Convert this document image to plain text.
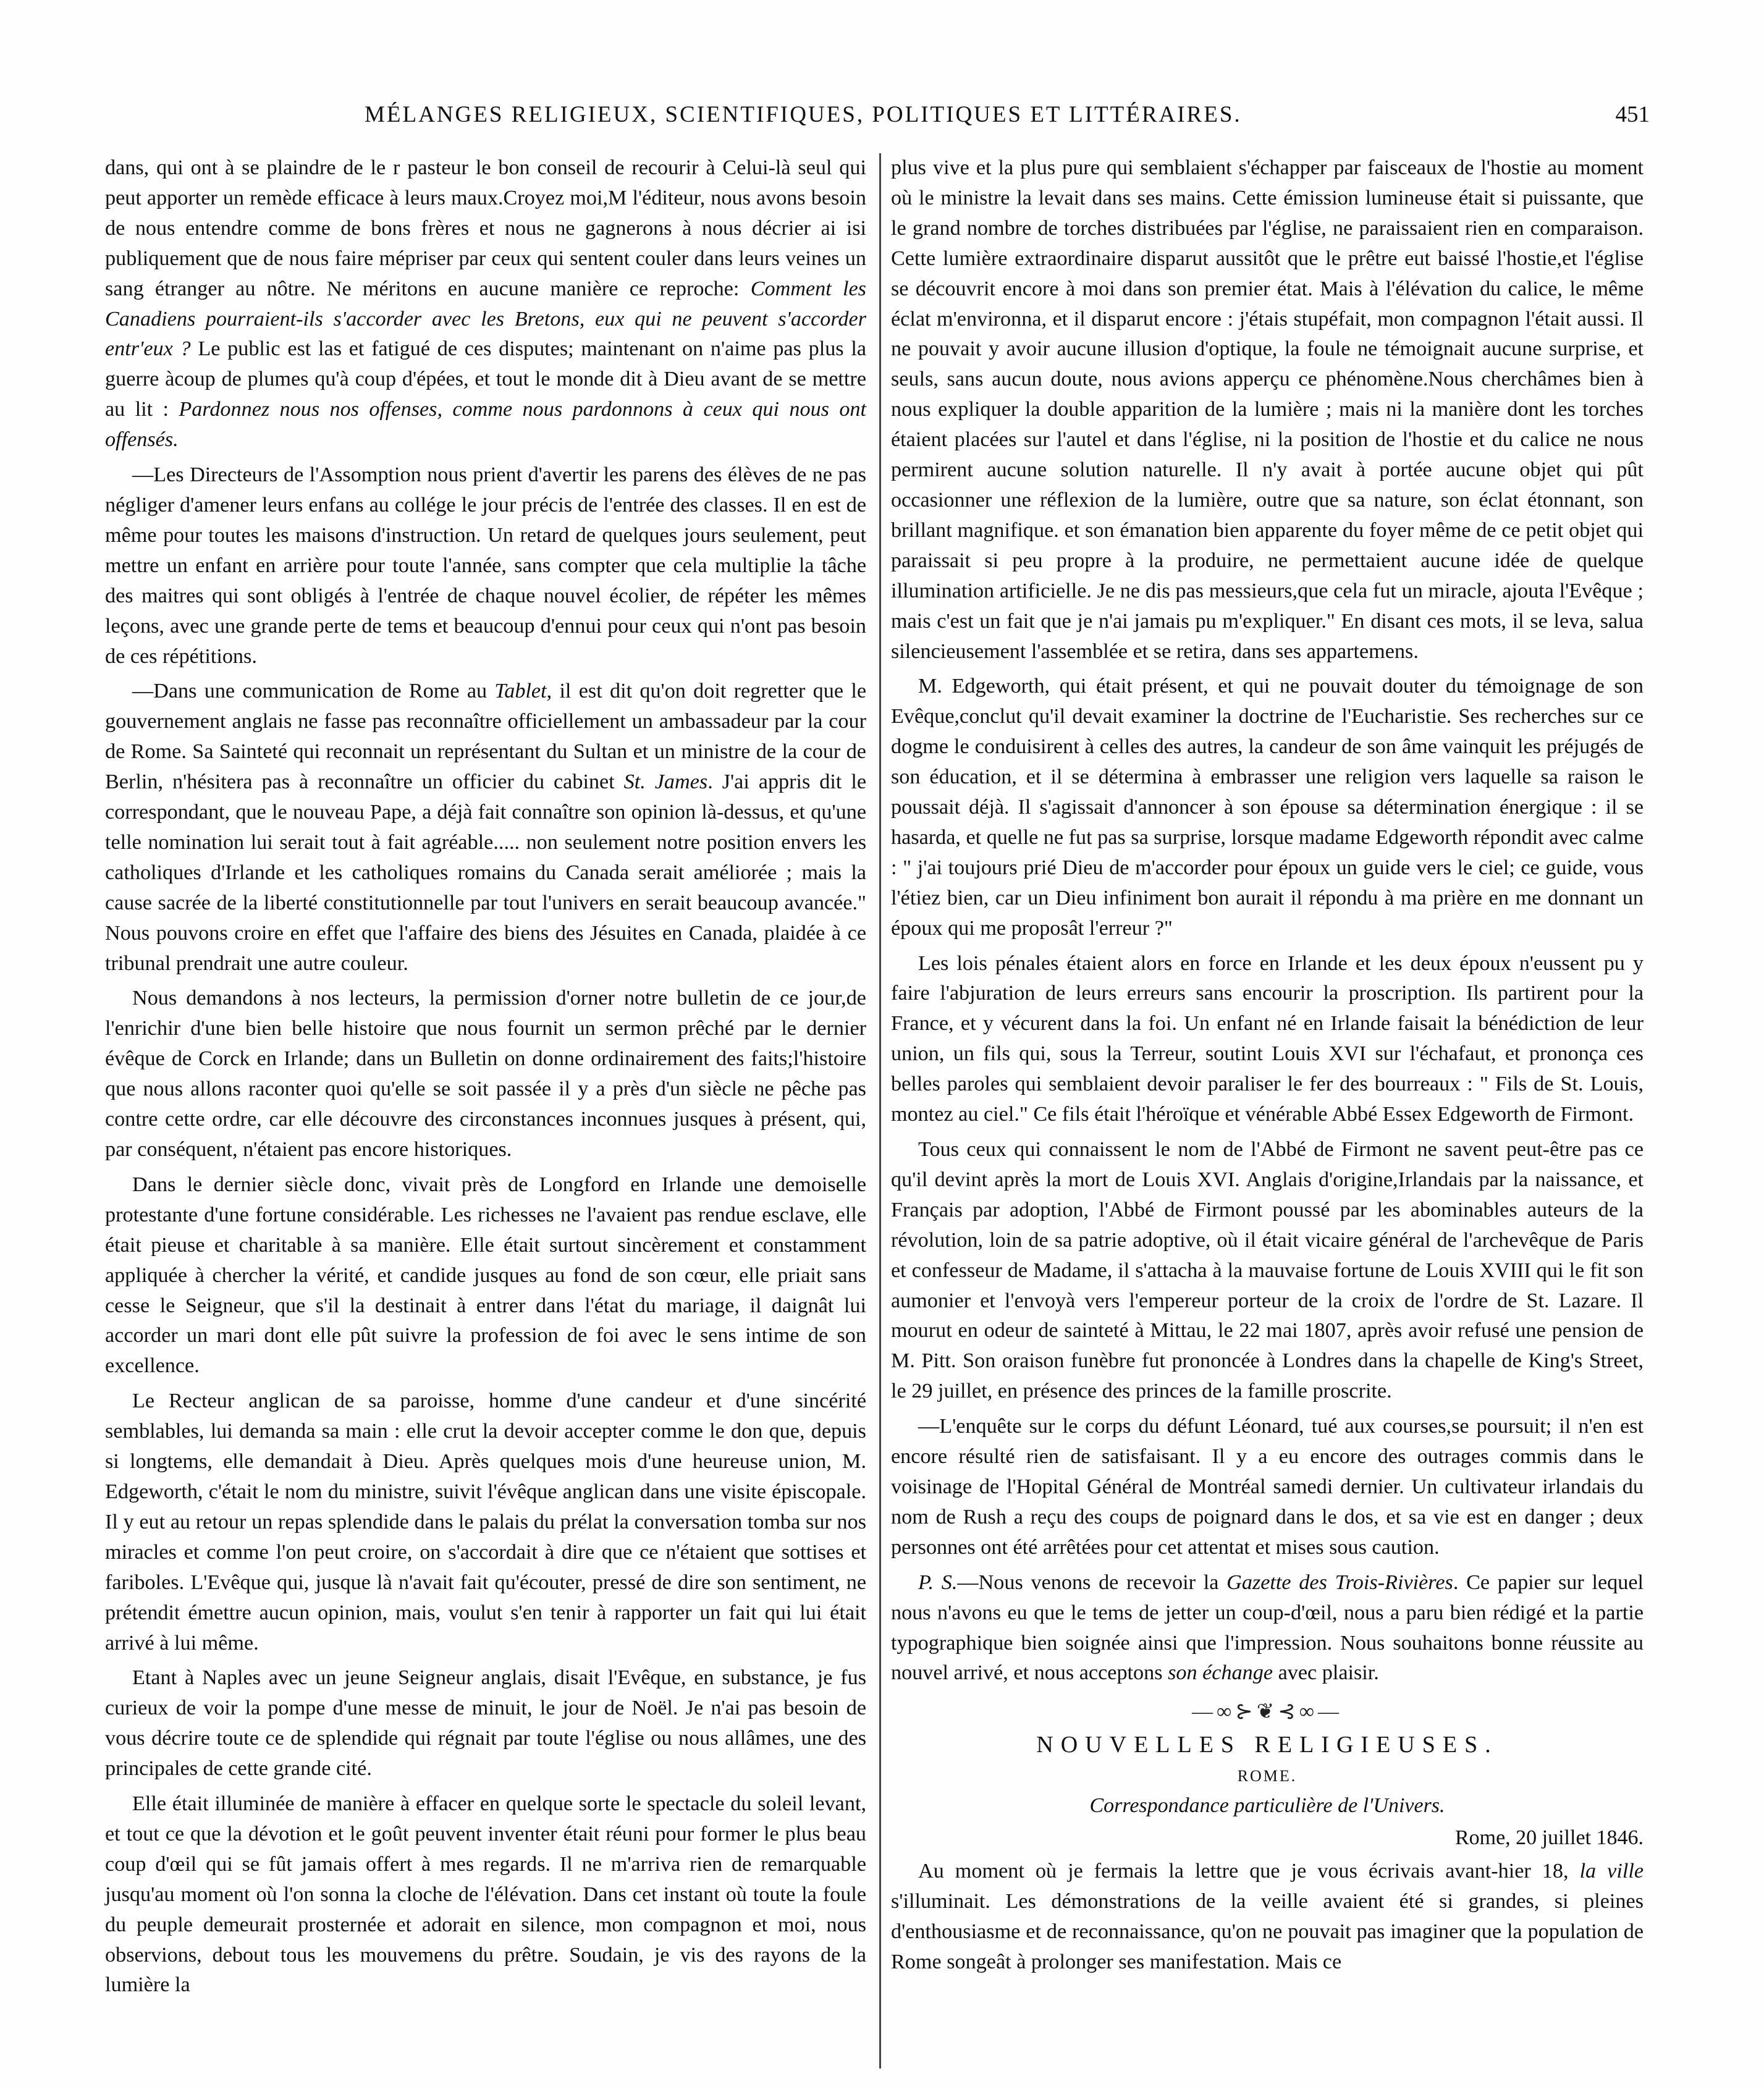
MÉLANGES RELIGIEUX, SCIENTIFIQUES, POLITIQUES ET LITTÉRAIRES.	451

dans, qui ont à se plaindre de le r pasteur le bon conseil de recourir à Celui-là seul qui peut apporter un remède efficace à leurs maux.Croyez moi,M l'éditeur, nous avons besoin de nous entendre comme de bons frères et nous ne gagnerons à nous décrier ai isi publiquement que de nous faire mépriser par ceux qui sentent couler dans leurs veines un sang étranger au nôtre. Ne méritons en aucune manière ce reproche: Comment les Canadiens pourraient-ils s'accorder avec les Bretons, eux qui ne peuvent s'accorder entr'eux ? Le public est las et fatigué de ces disputes; maintenant on n'aime pas plus la guerre àcoup de plumes qu'à coup d'épées, et tout le monde dit à Dieu avant de se mettre au lit : Pardonnez nous nos offenses, comme nous pardonnons à ceux qui nous ont offensés.

—Les Directeurs de l'Assomption nous prient d'avertir les parens des élèves de ne pas négliger d'amener leurs enfans au collége le jour précis de l'entrée des classes. Il en est de même pour toutes les maisons d'instruction. Un retard de quelques jours seulement, peut mettre un enfant en arrière pour toute l'année, sans compter que cela multiplie la tâche des maitres qui sont obligés à l'entrée de chaque nouvel écolier, de répéter les mêmes leçons, avec une grande perte de tems et beaucoup d'ennui pour ceux qui n'ont pas besoin de ces répétitions.

—Dans une communication de Rome au Tablet, il est dit qu'on doit regretter que le gouvernement anglais ne fasse pas reconnaître officiellement un ambassadeur par la cour de Rome. Sa Sainteté qui reconnait un représentant du Sultan et un ministre de la cour de Berlin, n'hésitera pas à reconnaître un officier du cabinet St. James. J'ai appris dit le correspondant, que le nouveau Pape, a déjà fait connaître son opinion là-dessus, et qu'une telle nomination lui serait tout à fait agréable..... non seulement notre position envers les catholiques d'Irlande et les catholiques romains du Canada serait améliorée ; mais la cause sacrée de la liberté constitutionnelle par tout l'univers en serait beaucoup avancée." Nous pouvons croire en effet que l'affaire des biens des Jésuites en Canada, plaidée à ce tribunal prendrait une autre couleur.

Nous demandons à nos lecteurs, la permission d'orner notre bulletin de ce jour,de l'enrichir d'une bien belle histoire que nous fournit un sermon prêché par le dernier évêque de Corck en Irlande; dans un Bulletin on donne ordinairement des faits;l'histoire que nous allons raconter quoi qu'elle se soit passée il y a près d'un siècle ne pêche pas contre cette ordre, car elle découvre des circonstances inconnues jusques à présent, qui, par conséquent, n'étaient pas encore historiques.

Dans le dernier siècle donc, vivait près de Longford en Irlande une demoiselle protestante d'une fortune considérable. Les richesses ne l'avaient pas rendue esclave, elle était pieuse et charitable à sa manière. Elle était surtout sincèrement et constamment appliquée à chercher la vérité, et candide jusques au fond de son cœur, elle priait sans cesse le Seigneur, que s'il la destinait à entrer dans l'état du mariage, il daignât lui accorder un mari dont elle pût suivre la profession de foi avec le sens intime de son excellence.

Le Recteur anglican de sa paroisse, homme d'une candeur et d'une sincérité semblables, lui demanda sa main : elle crut la devoir accepter comme le don que, depuis si longtems, elle demandait à Dieu. Après quelques mois d'une heureuse union, M. Edgeworth, c'était le nom du ministre, suivit l'évêque anglican dans une visite épiscopale. Il y eut au retour un repas splendide dans le palais du prélat la conversation tomba sur nos miracles et comme l'on peut croire, on s'accordait à dire que ce n'étaient que sottises et fariboles. L'Evêque qui, jusque là n'avait fait qu'écouter, pressé de dire son sentiment, ne prétendit émettre aucun opinion, mais, voulut s'en tenir à rapporter un fait qui lui était arrivé à lui même.

Etant à Naples avec un jeune Seigneur anglais, disait l'Evêque, en substance, je fus curieux de voir la pompe d'une messe de minuit, le jour de Noël. Je n'ai pas besoin de vous décrire toute ce de splendide qui régnait par toute l'église ou nous allâmes, une des principales de cette grande cité.

Elle était illuminée de manière à effacer en quelque sorte le spectacle du soleil levant, et tout ce que la dévotion et le goût peuvent inventer était réuni pour former le plus beau coup d'œil qui se fût jamais offert à mes regards. Il ne m'arriva rien de remarquable jusqu'au moment où l'on sonna la cloche de l'élévation. Dans cet instant où toute la foule du peuple demeurait prosternée et adorait en silence, mon compagnon et moi, nous observions, debout tous les mouvemens du prêtre. Soudain, je vis des rayons de la lumière la

plus vive et la plus pure qui semblaient s'échapper par faisceaux de l'hostie au moment où le ministre la levait dans ses mains. Cette émission lumineuse était si puissante, que le grand nombre de torches distribuées par l'église, ne paraissaient rien en comparaison. Cette lumière extraordinaire disparut aussitôt que le prêtre eut baissé l'hostie,et l'église se découvrit encore à moi dans son premier état. Mais à l'élévation du calice, le même éclat m'environna, et il disparut encore : j'étais stupéfait, mon compagnon l'était aussi. Il ne pouvait y avoir aucune illusion d'optique, la foule ne témoignait aucune surprise, et seuls, sans aucun doute, nous avions apperçu ce phénomène.Nous cherchâmes bien à nous expliquer la double apparition de la lumière ; mais ni la manière dont les torches étaient placées sur l'autel et dans l'église, ni la position de l'hostie et du calice ne nous permirent aucune solution naturelle. Il n'y avait à portée aucune objet qui pût occasionner une réflexion de la lumière, outre que sa nature, son éclat étonnant, son brillant magnifique. et son émanation bien apparente du foyer même de ce petit objet qui paraissait si peu propre à la produire, ne permettaient aucune idée de quelque illumination artificielle. Je ne dis pas messieurs,que cela fut un miracle, ajouta l'Evêque ; mais c'est un fait que je n'ai jamais pu m'expliquer." En disant ces mots, il se leva, salua silencieusement l'assemblée et se retira, dans ses appartemens.

M. Edgeworth, qui était présent, et qui ne pouvait douter du témoignage de son Evêque,conclut qu'il devait examiner la doctrine de l'Eucharistie. Ses recherches sur ce dogme le conduisirent à celles des autres, la candeur de son âme vainquit les préjugés de son éducation, et il se détermina à embrasser une religion vers laquelle sa raison le poussait déjà. Il s'agissait d'annoncer à son épouse sa détermination énergique : il se hasarda, et quelle ne fut pas sa surprise, lorsque madame Edgeworth répondit avec calme : " j'ai toujours prié Dieu de m'accorder pour époux un guide vers le ciel; ce guide, vous l'étiez bien, car un Dieu infiniment bon aurait il répondu à ma prière en me donnant un époux qui me proposât l'erreur ?"

Les lois pénales étaient alors en force en Irlande et les deux époux n'eussent pu y faire l'abjuration de leurs erreurs sans encourir la proscription. Ils partirent pour la France, et y vécurent dans la foi. Un enfant né en Irlande faisait la bénédiction de leur union, un fils qui, sous la Terreur, soutint Louis XVI sur l'échafaut, et prononça ces belles paroles qui semblaient devoir paraliser le fer des bourreaux : " Fils de St. Louis, montez au ciel." Ce fils était l'héroïque et vénérable Abbé Essex Edgeworth de Firmont.

Tous ceux qui connaissent le nom de l'Abbé de Firmont ne savent peut-être pas ce qu'il devint après la mort de Louis XVI. Anglais d'origine,Irlandais par la naissance, et Français par adoption, l'Abbé de Firmont poussé par les abominables auteurs de la révolution, loin de sa patrie adoptive, où il était vicaire général de l'archevêque de Paris et confesseur de Madame, il s'attacha à la mauvaise fortune de Louis XVIII qui le fit son aumonier et l'envoyà vers l'empereur porteur de la croix de l'ordre de St. Lazare. Il mourut en odeur de sainteté à Mittau, le 22 mai 1807, après avoir refusé une pension de M. Pitt. Son oraison funèbre fut prononcée à Londres dans la chapelle de King's Street, le 29 juillet, en présence des princes de la famille proscrite.

—L'enquête sur le corps du défunt Léonard, tué aux courses,se poursuit; il n'en est encore résulté rien de satisfaisant. Il y a eu encore des outrages commis dans le voisinage de l'Hopital Général de Montréal samedi dernier. Un cultivateur irlandais du nom de Rush a reçu des coups de poignard dans le dos, et sa vie est en danger ; deux personnes ont été arrêtées pour cet attentat et mises sous caution.

P. S.—Nous venons de recevoir la Gazette des Trois-Rivières. Ce papier sur lequel nous n'avons eu que le tems de jetter un coup-d'œil, nous a paru bien rédigé et la partie typographique bien soignée ainsi que l'impression. Nous souhaitons bonne réussite au nouvel arrivé, et nous acceptons son échange avec plaisir.

—∞⊱❦⊰∞—

NOUVELLES RELIGIEUSES.

ROME.

Correspondance particulière de l'Univers.

Rome, 20 juillet 1846.

Au moment où je fermais la lettre que je vous écrivais avant-hier 18, la ville s'illuminait. Les démonstrations de la veille avaient été si grandes, si pleines d'enthousiasme et de reconnaissance, qu'on ne pouvait pas imaginer que la population de Rome songeât à prolonger ses manifestation. Mais ce
